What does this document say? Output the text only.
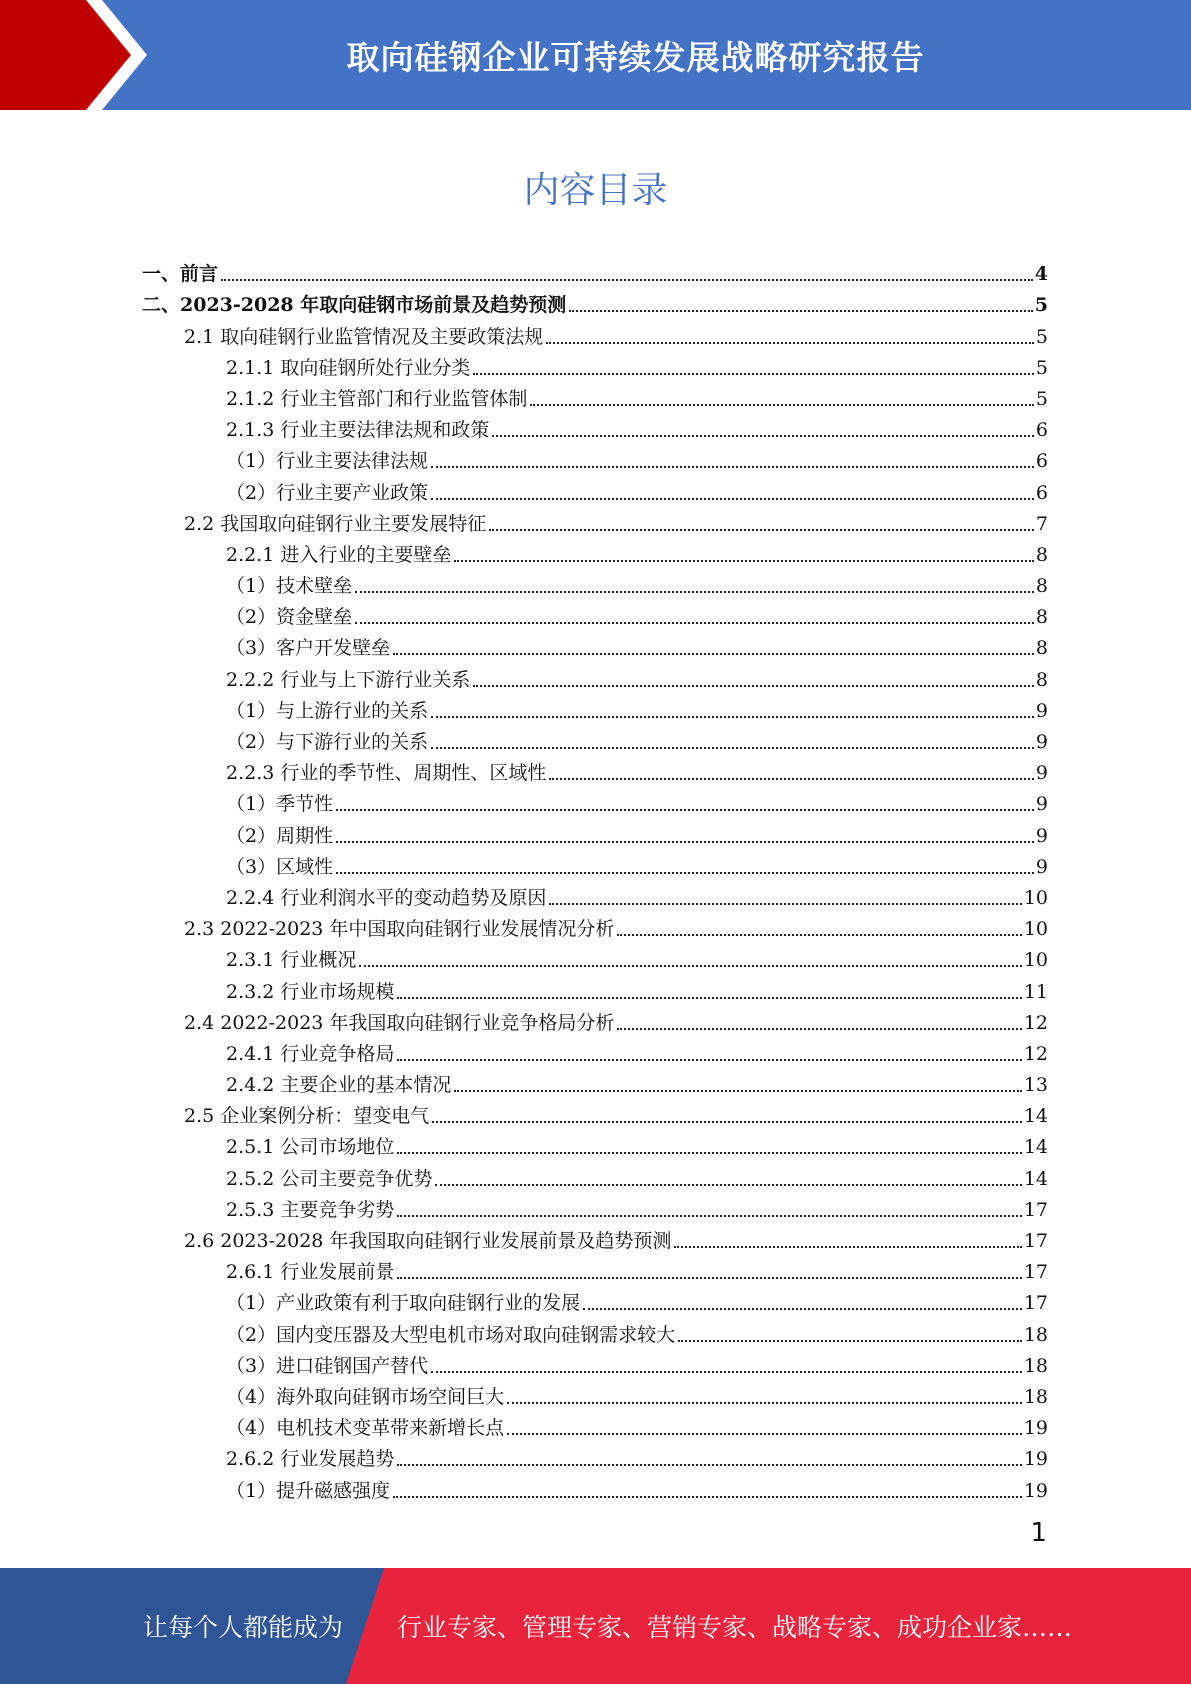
取向硅钢企业可持续发展战略研究报告
内容目录
一、前言	4
二、2023-2028 年取向硅钢市场前景及趋势预测	5
2.1 取向硅钢行业监管情况及主要政策法规	5
2.1.1 取向硅钢所处行业分类	5
2.1.2 行业主管部门和行业监管体制	5
2.1.3 行业主要法律法规和政策	6
（1）行业主要法律法规	6
（2）行业主要产业政策	6
2.2 我国取向硅钢行业主要发展特征	7
2.2.1 进入行业的主要壁垒	8
（1）技术壁垒	8
（2）资金壁垒	8
（3）客户开发壁垒	8
2.2.2 行业与上下游行业关系	8
（1）与上游行业的关系	9
（2）与下游行业的关系	9
2.2.3 行业的季节性、周期性、区域性	9
（1）季节性	9
（2）周期性	9
（3）区域性	9
2.2.4 行业利润水平的变动趋势及原因	10
2.3 2022-2023 年中国取向硅钢行业发展情况分析	10
2.3.1 行业概况	10
2.3.2 行业市场规模	11
2.4 2022-2023 年我国取向硅钢行业竞争格局分析	12
2.4.1 行业竞争格局	12
2.4.2 主要企业的基本情况	13
2.5 企业案例分析：望变电气	14
2.5.1 公司市场地位	14
2.5.2 公司主要竞争优势	14
2.5.3 主要竞争劣势	17
2.6 2023-2028 年我国取向硅钢行业发展前景及趋势预测	17
2.6.1 行业发展前景	17
（1）产业政策有利于取向硅钢行业的发展	17
（2）国内变压器及大型电机市场对取向硅钢需求较大	18
（3）进口硅钢国产替代	18
（4）海外取向硅钢市场空间巨大	18
（4）电机技术变革带来新增长点	19
2.6.2 行业发展趋势	19
（1）提升磁感强度	19
1
让每个人都能成为 行业专家、管理专家、营销专家、战略专家、成功企业家……
